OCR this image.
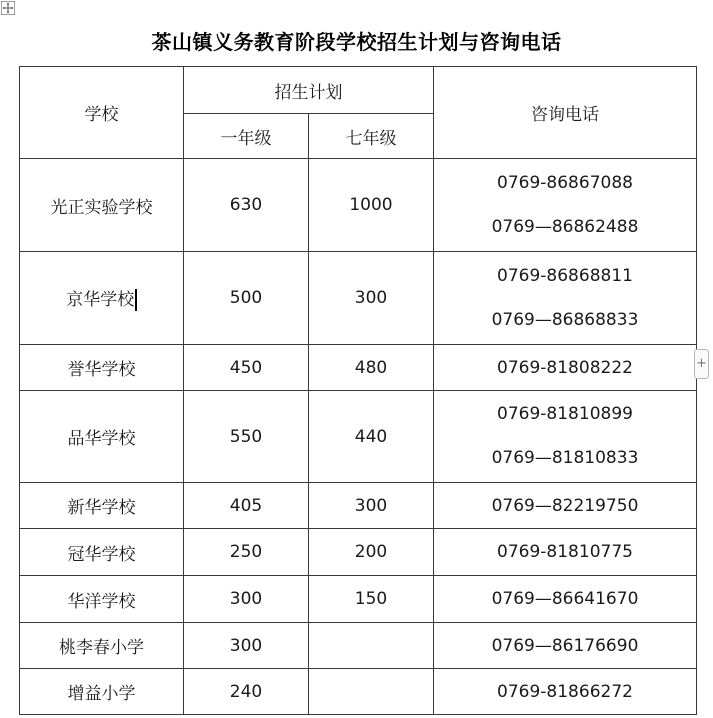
茶山镇义务教育阶段学校招生计划与咨询电话
学校	招生计划		咨询电话
	一年级	七年级	
光正实验学校	630	1000	0769-86867088
0769—86862488

京华学校	500	300	0769-86868811
0769—86868833

誉华学校	450	480	0769-81808222
品华学校	550	440	0769-81810899
0769—81810833

新华学校	405	300	0769—82219750
冠华学校	250	200	0769-81810775
华洋学校	300	150	0769—86641670
桃李春小学	300		0769—86176690
增益小学	240		0769-81866272
+
